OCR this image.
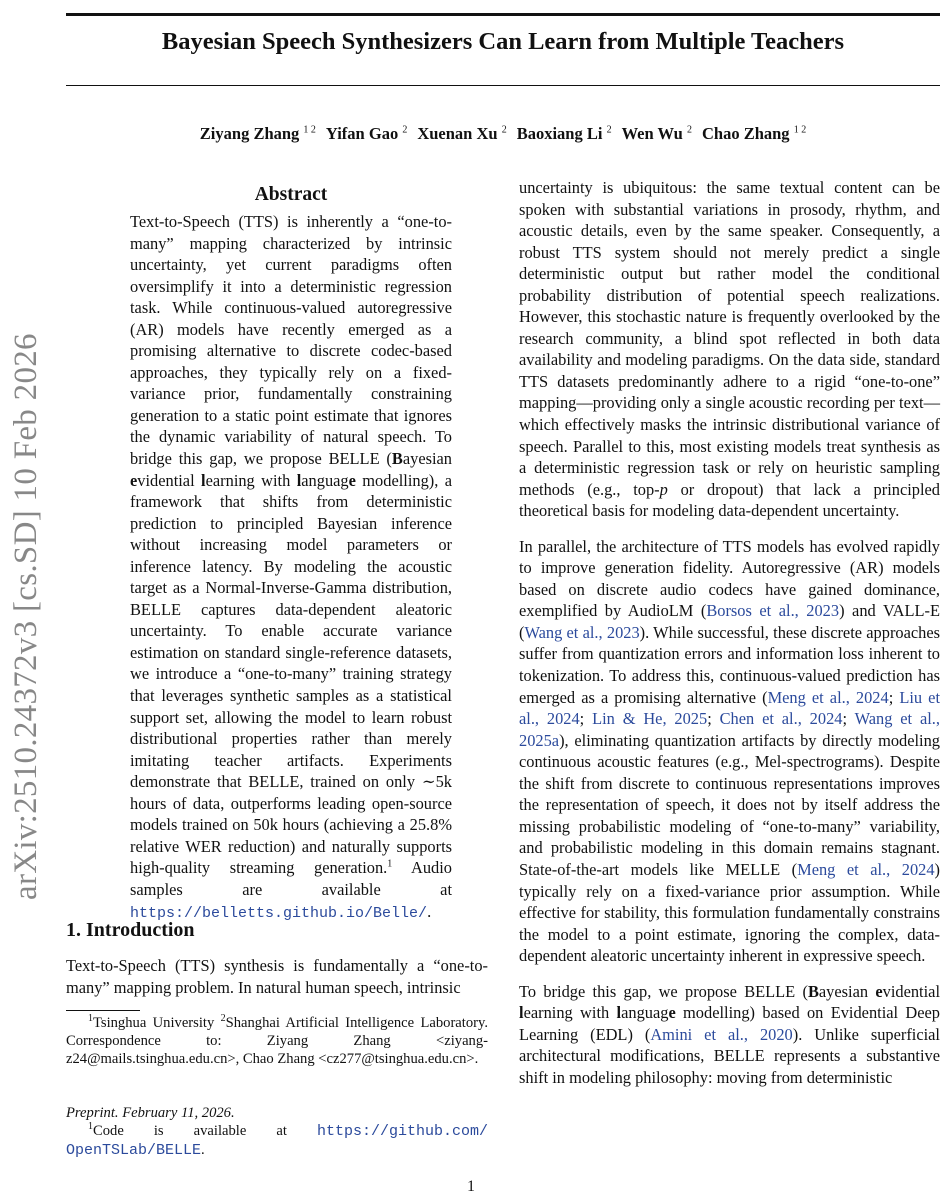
arXiv:2510.24372v3 [cs.SD] 10 Feb 2026
Bayesian Speech Synthesizers Can Learn from Multiple Teachers
Ziyang Zhang $^{1 2}$ Yifan Gao $^2$ Xuenan Xu $^2$ Baoxiang Li $^2$ Wen Wu $^2$ Chao Zhang $^{1 2}$
Abstract

Text-to-Speech (TTS) is inherently a “one-to-many” mapping characterized by intrinsic uncertainty, yet current paradigms often oversimplify it into a deterministic regression task. While continuous-valued autoregressive (AR) models have recently emerged as a promising alternative to discrete codec-based approaches, they typically rely on a fixed-variance prior, fundamentally constraining generation to a static point estimate that ignores the dynamic variability of natural speech. To bridge this gap, we propose BELLE (Bayesian evidential learning with language modelling), a framework that shifts from deterministic prediction to principled Bayesian inference without increasing model parameters or inference latency. By modeling the acoustic target as a Normal-Inverse-Gamma distribution, BELLE captures data-dependent aleatoric uncertainty. To enable accurate variance estimation on standard single-reference datasets, we introduce a “one-to-many” training strategy that leverages synthetic samples as a statistical support set, allowing the model to learn robust distributional properties rather than merely imitating teacher artifacts. Experiments demonstrate that BELLE, trained on only ∼5k hours of data, outperforms leading open-source models trained on 50k hours (achieving a 25.8% relative WER reduction) and naturally supports high-quality streaming generation.$^1$ Audio samples are available at https://belletts.github.io/Belle/.

1. Introduction

Text-to-Speech (TTS) synthesis is fundamentally a “one-to-many” mapping problem. In natural human speech, intrinsic

$^1$Tsinghua University $^2$Shanghai Artificial Intelligence Laboratory. Correspondence to: Ziyang Zhang <ziyang-z24@mails.tsinghua.edu.cn>, Chao Zhang <cz277@tsinghua.edu.cn>.

Preprint. February 11, 2026.

$^1$Code is available at https://github.com/ OpenTSLab/BELLE.

uncertainty is ubiquitous: the same textual content can be spoken with substantial variations in prosody, rhythm, and acoustic details, even by the same speaker. Consequently, a robust TTS system should not merely predict a single deterministic output but rather model the conditional probability distribution of potential speech realizations. However, this stochastic nature is frequently overlooked by the research community, a blind spot reflected in both data availability and modeling paradigms. On the data side, standard TTS datasets predominantly adhere to a rigid “one-to-one” mapping—providing only a single acoustic recording per text—which effectively masks the intrinsic distributional variance of speech. Parallel to this, most existing models treat synthesis as a deterministic regression task or rely on heuristic sampling methods (e.g., top-p or dropout) that lack a principled theoretical basis for modeling data-dependent uncertainty.

In parallel, the architecture of TTS models has evolved rapidly to improve generation fidelity. Autoregressive (AR) models based on discrete audio codecs have gained dominance, exemplified by AudioLM (Borsos et al., 2023) and VALL-E (Wang et al., 2023). While successful, these discrete approaches suffer from quantization errors and information loss inherent to tokenization. To address this, continuous-valued prediction has emerged as a promising alternative (Meng et al., 2024; Liu et al., 2024; Lin & He, 2025; Chen et al., 2024; Wang et al., 2025a), eliminating quantization artifacts by directly modeling continuous acoustic features (e.g., Mel-spectrograms). Despite the shift from discrete to continuous representations improves the representation of speech, it does not by itself address the missing probabilistic modeling of “one-to-many” variability, and probabilistic modeling in this domain remains stagnant. State-of-the-art models like MELLE (Meng et al., 2024) typically rely on a fixed-variance prior assumption. While effective for stability, this formulation fundamentally constrains the model to a point estimate, ignoring the complex, data-dependent aleatoric uncertainty inherent in expressive speech.

To bridge this gap, we propose BELLE (Bayesian evidential learning with language modelling) based on Evidential Deep Learning (EDL) (Amini et al., 2020). Unlike superficial architectural modifications, BELLE represents a substantive shift in modeling philosophy: moving from deterministic

1
